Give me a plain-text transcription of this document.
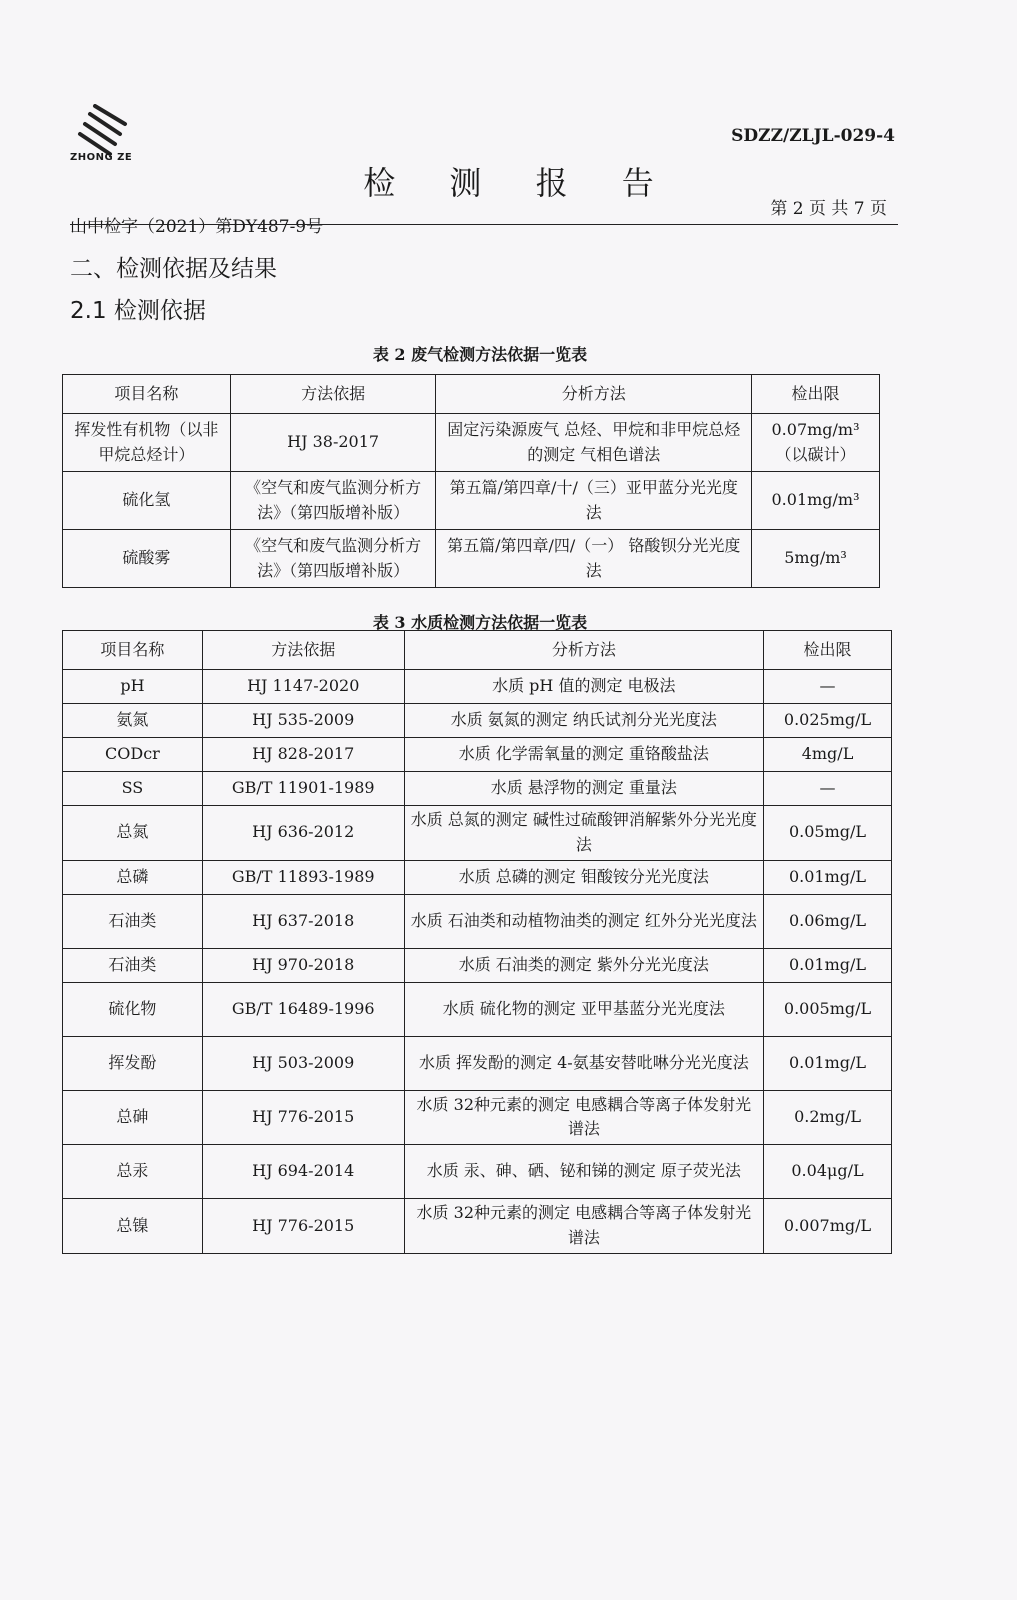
ZHONG ZE
SDZZ/ZLJL-029-4
检 测 报 告
山中检字（2021）第DY487-9号
第 2 页 共 7 页
二、检测依据及结果
2.1 检测依据
表 2 废气检测方法依据一览表
项目名称	方法依据	分析方法	检出限
挥发性有机物（以非甲烷总烃计）	HJ 38-2017	固定污染源废气 总烃、甲烷和非甲烷总烃的测定 气相色谱法	0.07mg/m³（以碳计）
硫化氢	《空气和废气监测分析方法》（第四版增补版）	第五篇/第四章/十/（三）亚甲蓝分光光度法	0.01mg/m³
硫酸雾	《空气和废气监测分析方法》（第四版增补版）	第五篇/第四章/四/（一） 铬酸钡分光光度法	5mg/m³
表 3 水质检测方法依据一览表
项目名称	方法依据	分析方法	检出限
pH	HJ 1147-2020	水质 pH 值的测定 电极法	—
氨氮	HJ 535-2009	水质 氨氮的测定 纳氏试剂分光光度法	0.025mg/L
CODcr	HJ 828-2017	水质 化学需氧量的测定 重铬酸盐法	4mg/L
SS	GB/T 11901-1989	水质 悬浮物的测定 重量法	—
总氮	HJ 636-2012	水质 总氮的测定 碱性过硫酸钾消解紫外分光光度法	0.05mg/L
总磷	GB/T 11893-1989	水质 总磷的测定 钼酸铵分光光度法	0.01mg/L
石油类	HJ 637-2018	水质 石油类和动植物油类的测定 红外分光光度法	0.06mg/L
石油类	HJ 970-2018	水质 石油类的测定 紫外分光光度法	0.01mg/L
硫化物	GB/T 16489-1996	水质 硫化物的测定 亚甲基蓝分光光度法	0.005mg/L
挥发酚	HJ 503-2009	水质 挥发酚的测定 4-氨基安替吡啉分光光度法	0.01mg/L
总砷	HJ 776-2015	水质 32种元素的测定 电感耦合等离子体发射光谱法	0.2mg/L
总汞	HJ 694-2014	水质 汞、砷、硒、铋和锑的测定 原子荧光法	0.04μg/L
总镍	HJ 776-2015	水质 32种元素的测定 电感耦合等离子体发射光谱法	0.007mg/L
